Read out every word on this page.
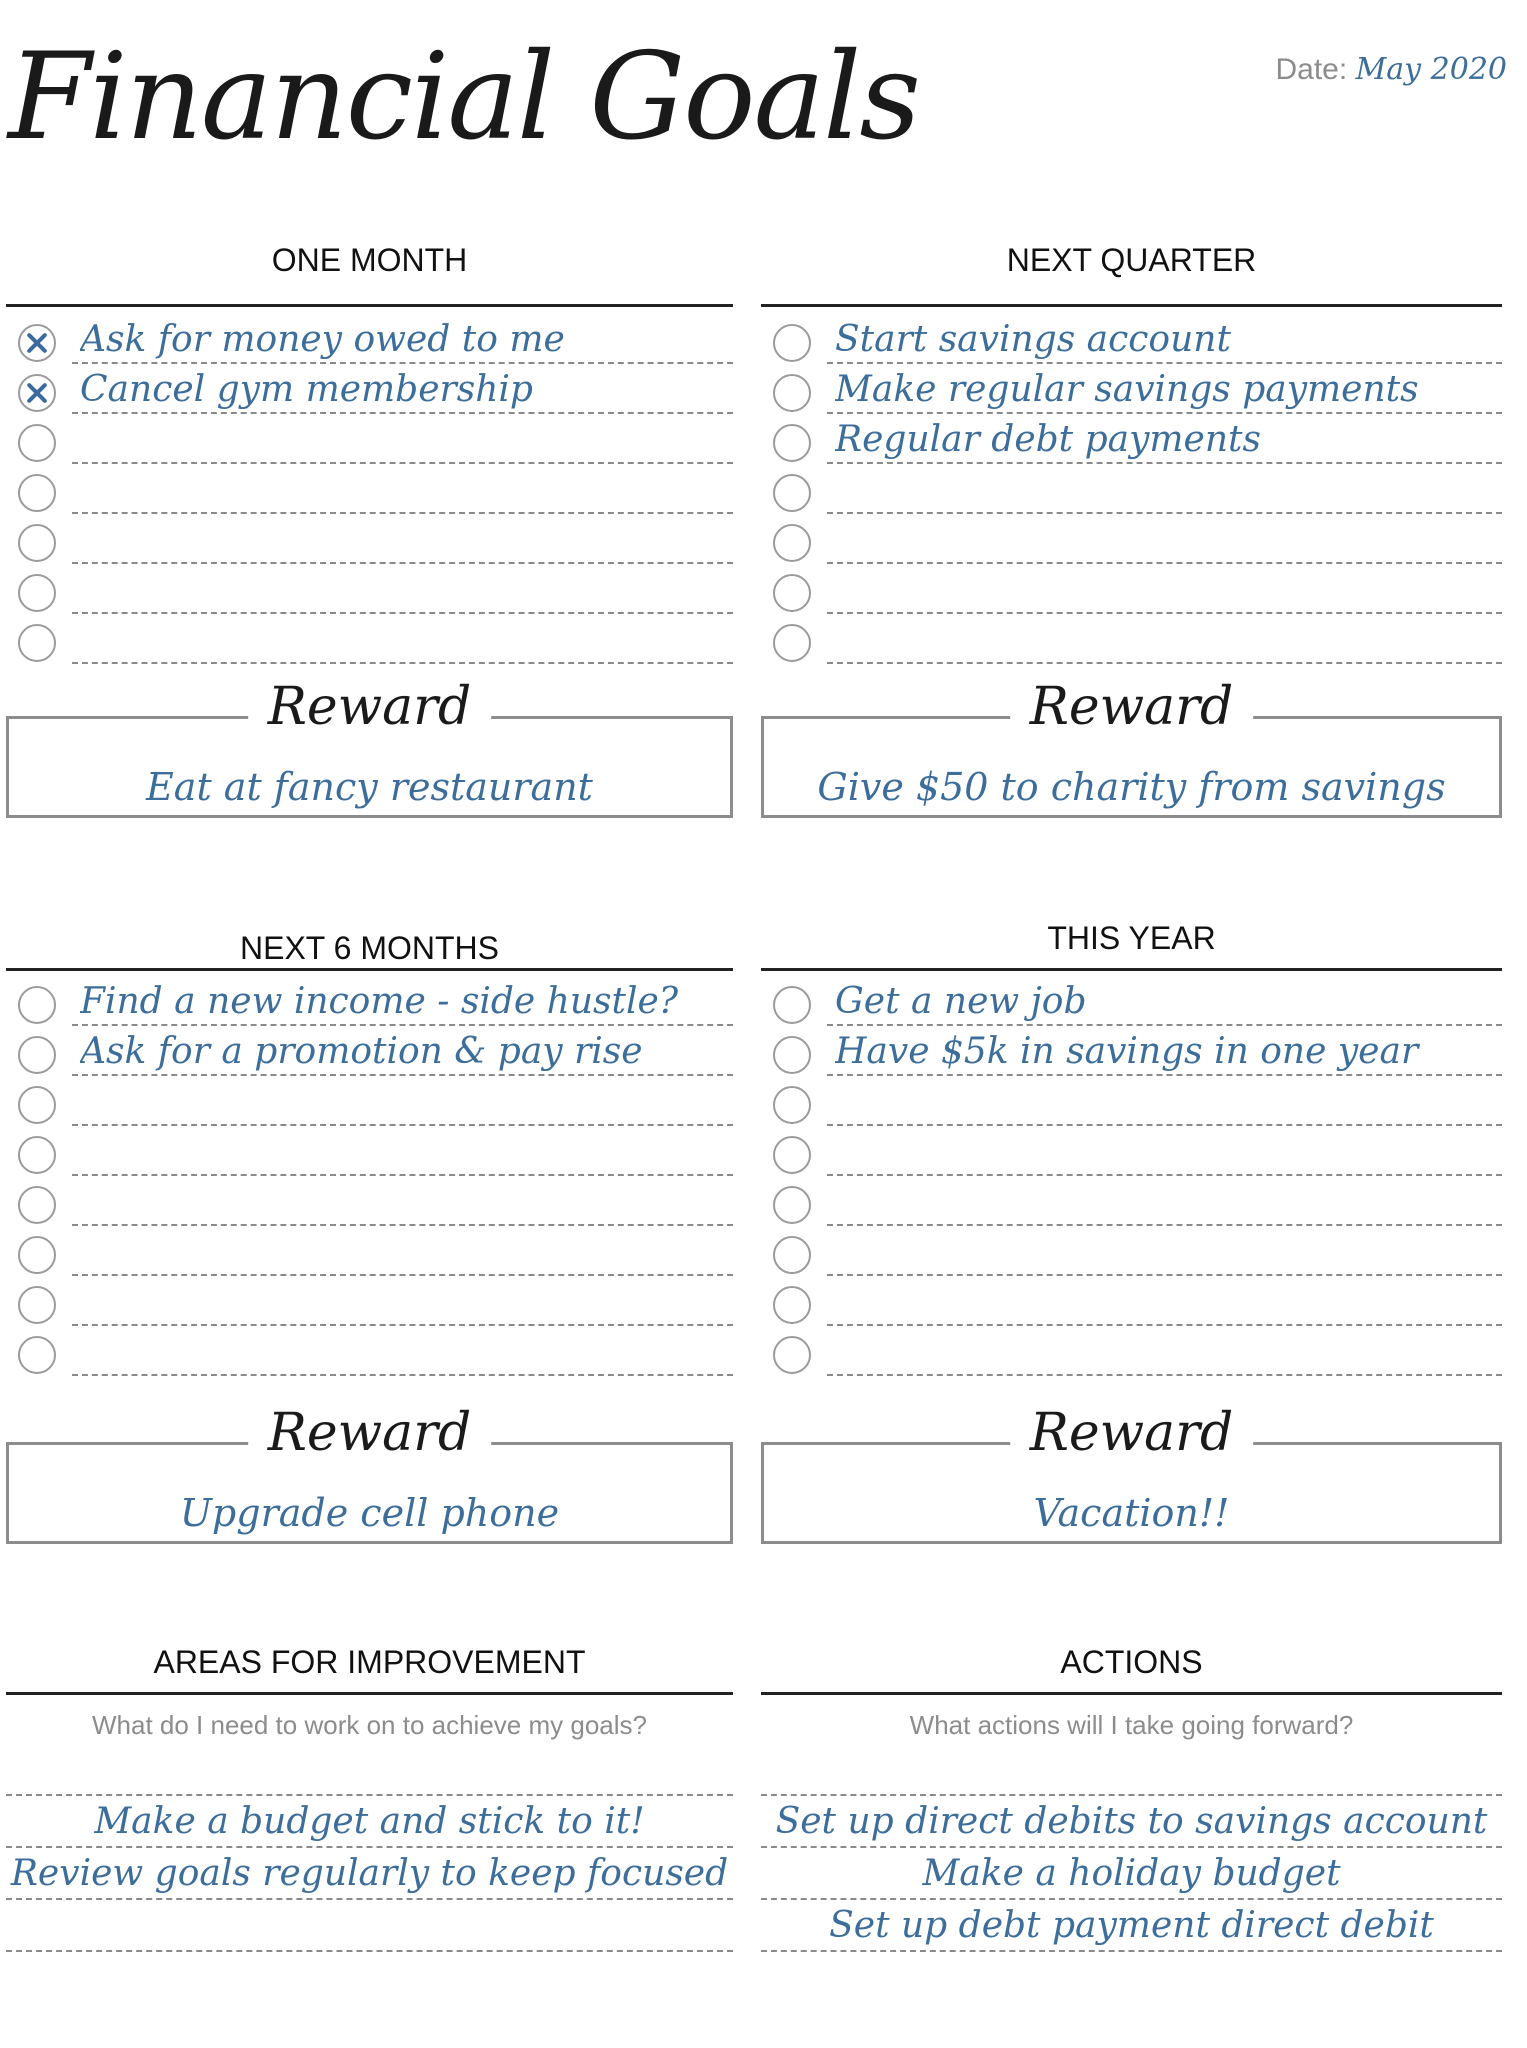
Financial Goals	Date: May 2020
ONE MONTH
Ask for money owed to me
Cancel gym membership
Reward
Eat at fancy restaurant
NEXT QUARTER
Start savings account
Make regular savings payments
Regular debt payments
Reward
Give $50 to charity from savings
NEXT 6 MONTHS
Find a new income - side hustle?
Ask for a promotion & pay rise
Reward
Upgrade cell phone
THIS YEAR
Get a new job
Have $5k in savings in one year
Reward
Vacation!!
AREAS FOR IMPROVEMENT
What do I need to work on to achieve my goals?
Make a budget and stick to it!
Review goals regularly to keep focused
ACTIONS
What actions will I take going forward?
Set up direct debits to savings account
Make a holiday budget
Set up debt payment direct debit
